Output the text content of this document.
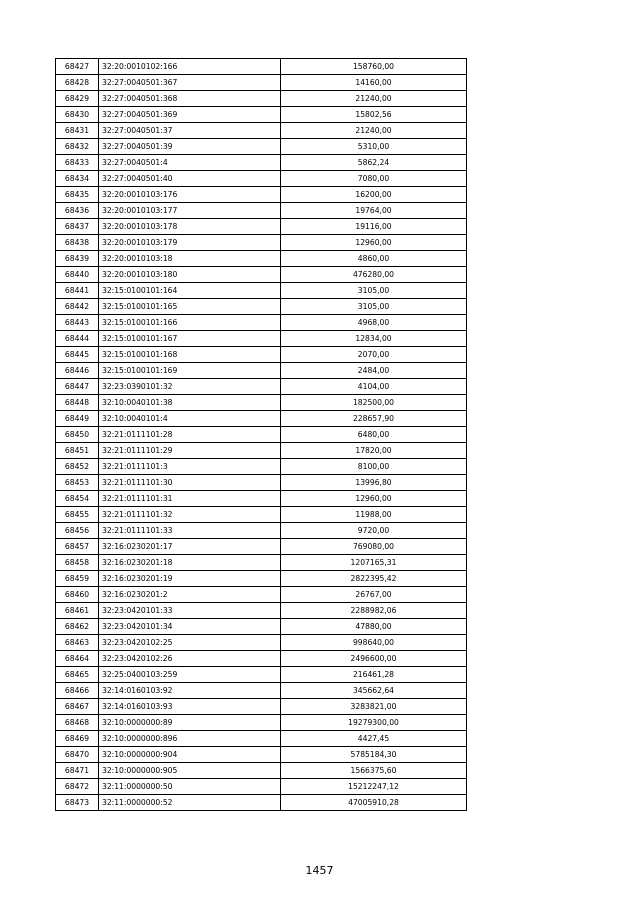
68427	32:20:0010102:166	158760,00
68428	32:27:0040501:367	14160,00
68429	32:27:0040501:368	21240,00
68430	32:27:0040501:369	15802,56
68431	32:27:0040501:37	21240,00
68432	32:27:0040501:39	5310,00
68433	32:27:0040501:4	5862,24
68434	32:27:0040501:40	7080,00
68435	32:20:0010103:176	16200,00
68436	32:20:0010103:177	19764,00
68437	32:20:0010103:178	19116,00
68438	32:20:0010103:179	12960,00
68439	32:20:0010103:18	4860,00
68440	32:20:0010103:180	476280,00
68441	32:15:0100101:164	3105,00
68442	32:15:0100101:165	3105,00
68443	32:15:0100101:166	4968,00
68444	32:15:0100101:167	12834,00
68445	32:15:0100101:168	2070,00
68446	32:15:0100101:169	2484,00
68447	32:23:0390101:32	4104,00
68448	32:10:0040101:38	182500,00
68449	32:10:0040101:4	228657,90
68450	32:21:0111101:28	6480,00
68451	32:21:0111101:29	17820,00
68452	32:21:0111101:3	8100,00
68453	32:21:0111101:30	13996,80
68454	32:21:0111101:31	12960,00
68455	32:21:0111101:32	11988,00
68456	32:21:0111101:33	9720,00
68457	32:16:0230201:17	769080,00
68458	32:16:0230201:18	1207165,31
68459	32:16:0230201:19	2822395,42
68460	32:16:0230201:2	26767,00
68461	32:23:0420101:33	2288982,06
68462	32:23:0420101:34	47880,00
68463	32:23:0420102:25	998640,00
68464	32:23:0420102:26	2496600,00
68465	32:25:0400103:259	216461,28
68466	32:14:0160103:92	345662,64
68467	32:14:0160103:93	3283821,00
68468	32:10:0000000:89	19279300,00
68469	32:10:0000000:896	4427,45
68470	32:10:0000000:904	5785184,30
68471	32:10:0000000:905	1566375,60
68472	32:11:0000000:50	15212247,12
68473	32:11:0000000:52	47005910,28
1457
